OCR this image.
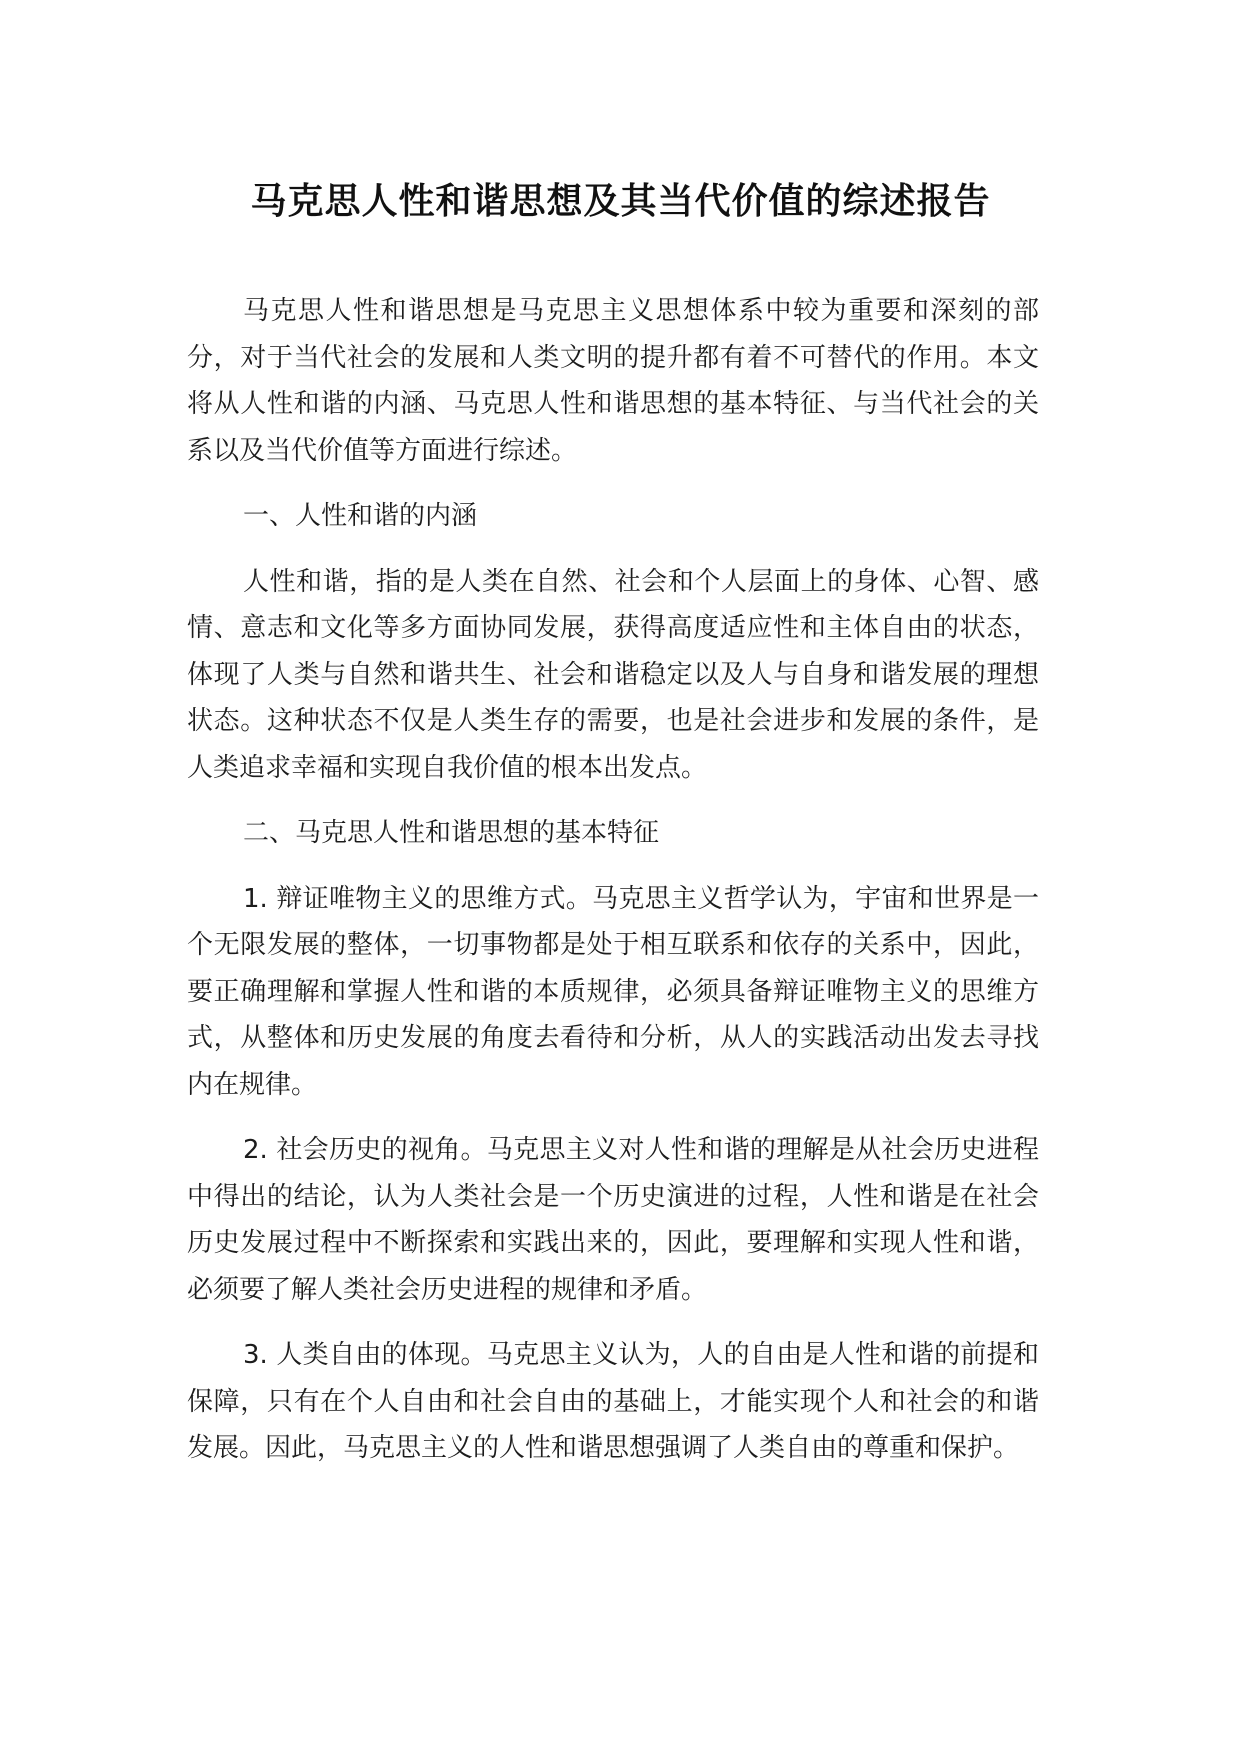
马克思人性和谐思想及其当代价值的综述报告

马克思人性和谐思想是马克思主义思想体系中较为重要和深刻的部分，对于当代社会的发展和人类文明的提升都有着不可替代的作用。本文将从人性和谐的内涵、马克思人性和谐思想的基本特征、与当代社会的关系以及当代价值等方面进行综述。

一、人性和谐的内涵

人性和谐，指的是人类在自然、社会和个人层面上的身体、心智、感情、意志和文化等多方面协同发展，获得高度适应性和主体自由的状态，体现了人类与自然和谐共生、社会和谐稳定以及人与自身和谐发展的理想状态。这种状态不仅是人类生存的需要，也是社会进步和发展的条件，是人类追求幸福和实现自我价值的根本出发点。

二、马克思人性和谐思想的基本特征

1. 辩证唯物主义的思维方式。马克思主义哲学认为，宇宙和世界是一个无限发展的整体，一切事物都是处于相互联系和依存的关系中，因此，要正确理解和掌握人性和谐的本质规律，必须具备辩证唯物主义的思维方式，从整体和历史发展的角度去看待和分析，从人的实践活动出发去寻找内在规律。

2. 社会历史的视角。马克思主义对人性和谐的理解是从社会历史进程中得出的结论，认为人类社会是一个历史演进的过程，人性和谐是在社会历史发展过程中不断探索和实践出来的，因此，要理解和实现人性和谐，必须要了解人类社会历史进程的规律和矛盾。

3. 人类自由的体现。马克思主义认为，人的自由是人性和谐的前提和保障，只有在个人自由和社会自由的基础上，才能实现个人和社会的和谐发展。因此，马克思主义的人性和谐思想强调了人类自由的尊重和保护。
